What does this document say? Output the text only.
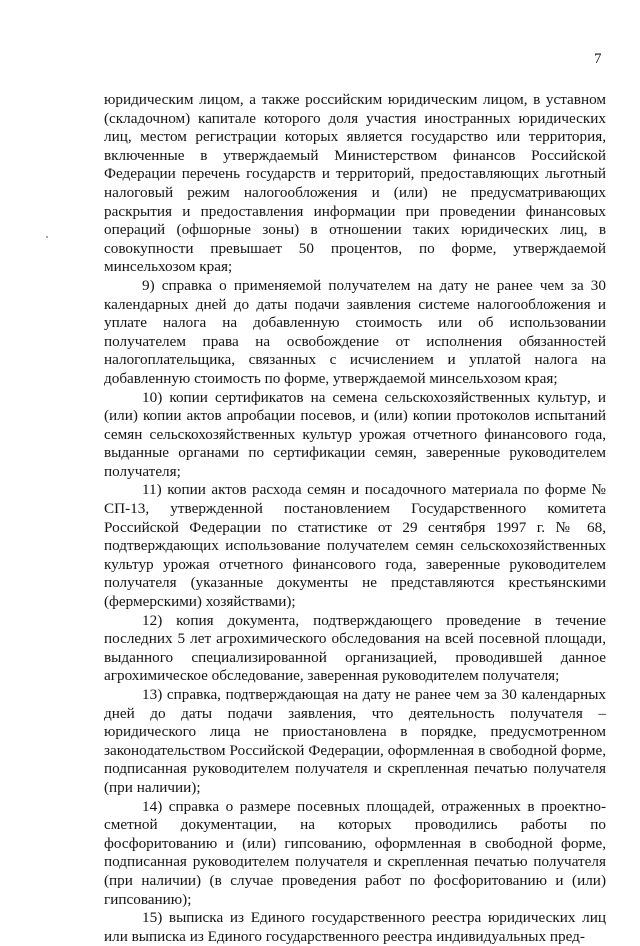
7

юридическим лицом, а также российским юридическим лицом, в уставном (складочном) капитале которого доля участия иностранных юридических лиц, местом регистрации которых является государство или территория, включенные в утверждаемый Министерством финансов Российской Федерации перечень государств и территорий, предоставляющих льготный налоговый режим налогообложения и (или) не предусматривающих раскрытия и предоставления информации при проведении финансовых операций (офшорные зоны) в отношении таких юридических лиц, в совокупности превышает 50 процентов, по форме, утверждаемой минсельхозом края;

9) справка о применяемой получателем на дату не ранее чем за 30 календарных дней до даты подачи заявления системе налогообложения и уплате налога на добавленную стоимость или об использовании получателем права на освобождение от исполнения обязанностей налогоплательщика, связанных с исчислением и уплатой налога на добавленную стоимость по форме, утверждаемой минсельхозом края;

10) копии сертификатов на семена сельскохозяйственных культур, и (или) копии актов апробации посевов, и (или) копии протоколов испытаний семян сельскохозяйственных культур урожая отчетного финансового года, выданные органами по сертификации семян, заверенные руководителем получателя;

11) копии актов расхода семян и посадочного материала по форме № СП-13, утвержденной постановлением Государственного комитета Российской Федерации по статистике от 29 сентября 1997 г. № 68, подтверждающих использование получателем семян сельскохозяйственных культур урожая отчетного финансового года, заверенные руководителем получателя (указанные документы не представляются крестьянскими (фермерскими) хозяйствами);

12) копия документа, подтверждающего проведение в течение последних 5 лет агрохимического обследования на всей посевной площади, выданного специализированной организацией, проводившей данное агрохимическое обследование, заверенная руководителем получателя;

13) справка, подтверждающая на дату не ранее чем за 30 календарных дней до даты подачи заявления, что деятельность получателя – юридического лица не приостановлена в порядке, предусмотренном законодательством Российской Федерации, оформленная в свободной форме, подписанная руководителем получателя и скрепленная печатью получателя (при наличии);

14) справка о размере посевных площадей, отраженных в проектно-сметной документации, на которых проводились работы по фосфоритованию и (или) гипсованию, оформленная в свободной форме, подписанная руководителем получателя и скрепленная печатью получателя (при наличии) (в случае проведения работ по фосфоритованию и (или) гипсованию);

15) выписка из Единого государственного реестра юридических лиц или выписка из Единого государственного реестра индивидуальных пред-
